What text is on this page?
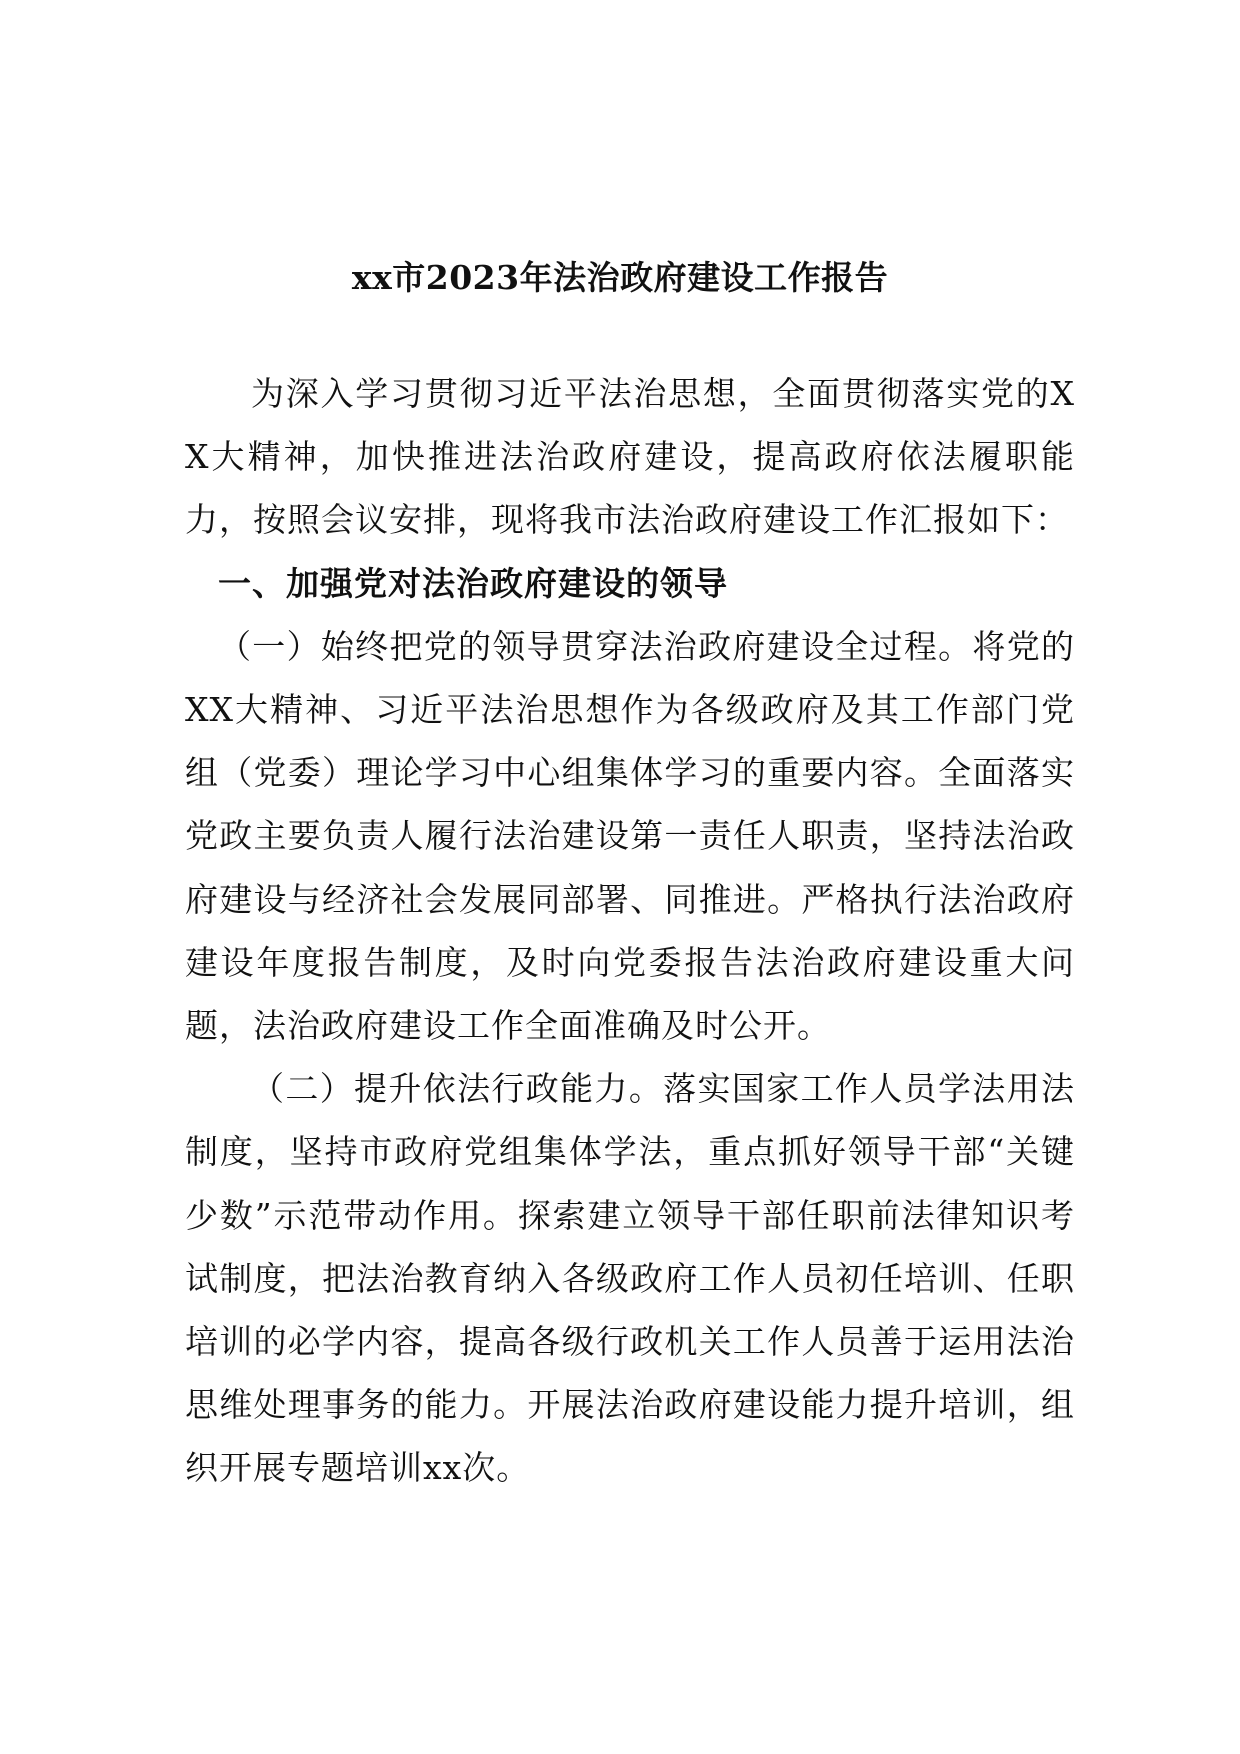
xx市2023年法治政府建设工作报告

为深入学习贯彻习近平法治思想，全面贯彻落实党的XX大精神，加快推进法治政府建设，提高政府依法履职能力，按照会议安排，现将我市法治政府建设工作汇报如下：

一、加强党对法治政府建设的领导

（一）始终把党的领导贯穿法治政府建设全过程。将党的XX大精神、习近平法治思想作为各级政府及其工作部门党组（党委）理论学习中心组集体学习的重要内容。全面落实党政主要负责人履行法治建设第一责任人职责，坚持法治政府建设与经济社会发展同部署、同推进。严格执行法治政府建设年度报告制度，及时向党委报告法治政府建设重大问题，法治政府建设工作全面准确及时公开。

（二）提升依法行政能力。落实国家工作人员学法用法制度，坚持市政府党组集体学法，重点抓好领导干部“关键少数”示范带动作用。探索建立领导干部任职前法律知识考试制度，把法治教育纳入各级政府工作人员初任培训、任职培训的必学内容，提高各级行政机关工作人员善于运用法治思维处理事务的能力。开展法治政府建设能力提升培训，组织开展专题培训xx次。
